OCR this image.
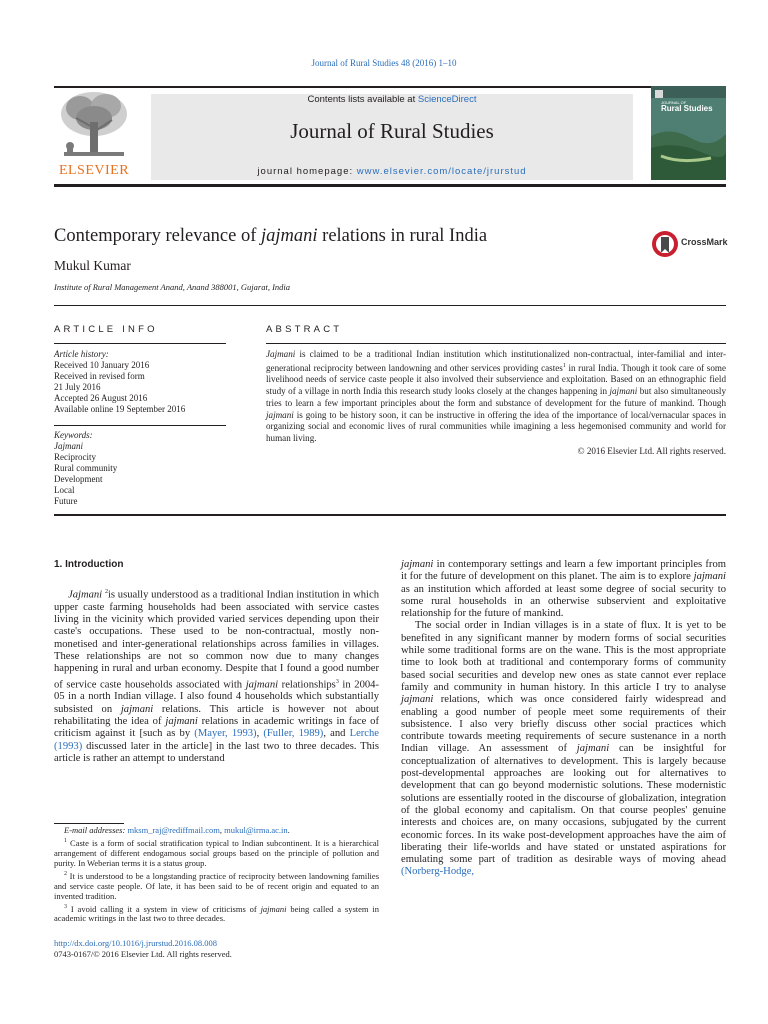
Journal of Rural Studies 48 (2016) 1–10
Contents lists available at ScienceDirect
Journal of Rural Studies
journal homepage: www.elsevier.com/locate/jrurstud
ELSEVIER
JOURNAL OF
Rural Studies
Contemporary relevance of jajmani relations in rural India
Mukul Kumar
Institute of Rural Management Anand, Anand 388001, Gujarat, India
CrossMark
ARTICLE INFO
Article history:
Received 10 January 2016
Received in revised form
21 July 2016
Accepted 26 August 2016
Available online 19 September 2016
Keywords:
Jajmani
Reciprocity
Rural community
Development
Local
Future
ABSTRACT
Jajmani is claimed to be a traditional Indian institution which institutionalized non-contractual, inter-familial and inter-generational reciprocity between landowning and other services providing castes$^1$ in rural India. Though it took care of some livelihood needs of service caste people it also involved their subservience and exploitation. Based on an ethnographic field study of a village in north India this research study looks closely at the changes happening in jajmani but also simultaneously tries to learn a few important principles about the form and substance of development for the future of mankind. Though jajmani is going to be history soon, it can be instructive in offering the idea of the importance of local/vernacular spaces in organizing social and economic lives of rural communities while imagining a less hegemonised community and world for human living.
© 2016 Elsevier Ltd. All rights reserved.
1. Introduction

Jajmani $^2$is usually understood as a traditional Indian institution in which upper caste farming households had been associated with service castes living in the vicinity which provided varied services depending upon their caste's occupations. These used to be non-contractual, mostly non-monetised and inter-generational relationships across families in villages. These relationships are not so common now due to many changes happening in rural and urban economy. Despite that I found a good number of service caste households associated with jajmani relationships$^3$ in 2004-05 in a north Indian village. I also found 4 households which substantially subsisted on jajmani relations. This article is however not about rehabilitating the idea of jajmani relations in academic writings in face of criticism against it [such as by (Mayer, 1993), (Fuller, 1989), and Lerche (1993) discussed later in the article] in the last two to three decades. This article is rather an attempt to understand

E-mail addresses: mksm_raj@rediffmail.com, mukul@irma.ac.in.

$^1$ Caste is a form of social stratification typical to Indian subcontinent. It is a hierarchical arrangement of different endogamous social groups based on the principle of pollution and purity. In Weberian terms it is a status group.

$^2$ It is understood to be a longstanding practice of reciprocity between landowning families and service caste people. Of late, it has been said to be of recent origin and equated to an invented tradition.

$^3$ I avoid calling it a system in view of criticisms of jajmani being called a system in academic writings in the last two to three decades.

http://dx.doi.org/10.1016/j.jrurstud.2016.08.008
0743-0167/© 2016 Elsevier Ltd. All rights reserved.

jajmani in contemporary settings and learn a few important principles from it for the future of development on this planet. The aim is to explore jajmani as an institution which afforded at least some degree of social security to some rural households in an otherwise subservient and exploitative relationship for the future of mankind.

The social order in Indian villages is in a state of flux. It is yet to be benefited in any significant manner by modern forms of social securities while some traditional forms are on the wane. This is the most appropriate time to look both at traditional and contemporary forms of community based social securities and develop new ones as state cannot ever replace family and community in human history. In this article I try to analyse jajmani relations, which was once considered fairly widespread and enabling a good number of people meet some requirements of their subsistence. I also very briefly discuss other social practices which contribute towards meeting requirements of secure sustenance in a north Indian village. An assessment of jajmani can be insightful for conceptualization of alternatives to development. This is largely because post-developmental approaches are looking out for alternatives to development that can go beyond modernistic solutions. These modernistic solutions are essentially rooted in the discourse of globalization, integration of the global economy and capitalism. On that course peoples' genuine interests and choices are, on many occasions, subjugated by the current economic forces. In its wake post-development approaches have the aim of liberating their life-worlds and have stated or unstated aspirations for emulating some part of tradition as desirable ways of moving ahead (Norberg-Hodge,
